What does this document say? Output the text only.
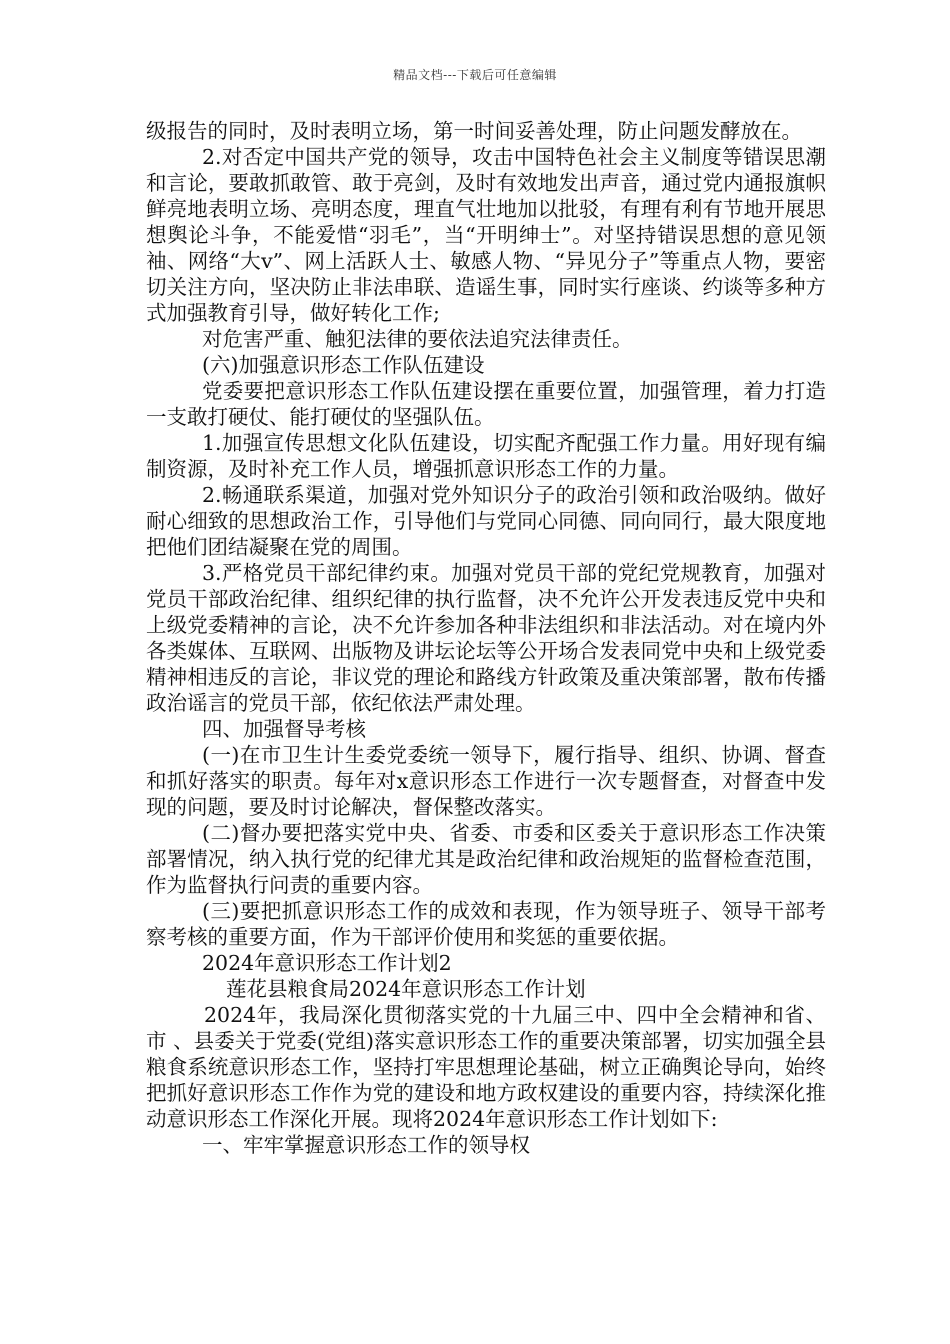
精品文档---下载后可任意编辑

级报告的同时，及时表明立场，第一时间妥善处理，防止问题发酵放在。

2.对否定中国共产党的领导，攻击中国特色社会主义制度等错误思潮和言论，要敢抓敢管、敢于亮剑，及时有效地发出声音，通过党内通报旗帜鲜亮地表明立场、亮明态度，理直气壮地加以批驳，有理有利有节地开展思想舆论斗争，不能爱惜“羽毛”，当“开明绅士”。对坚持错误思想的意见领袖、网络“大v”、网上活跃人士、敏感人物、“异见分子”等重点人物，要密切关注方向，坚决防止非法串联、造谣生事，同时实行座谈、约谈等多种方式加强教育引导，做好转化工作;

对危害严重、触犯法律的要依法追究法律责任。

(六)加强意识形态工作队伍建设

党委要把意识形态工作队伍建设摆在重要位置，加强管理，着力打造一支敢打硬仗、能打硬仗的坚强队伍。

1.加强宣传思想文化队伍建设，切实配齐配强工作力量。用好现有编制资源，及时补充工作人员，增强抓意识形态工作的力量。

2.畅通联系渠道，加强对党外知识分子的政治引领和政治吸纳。做好耐心细致的思想政治工作，引导他们与党同心同德、同向同行，最大限度地把他们团结凝聚在党的周围。

3.严格党员干部纪律约束。加强对党员干部的党纪党规教育，加强对党员干部政治纪律、组织纪律的执行监督，决不允许公开发表违反党中央和上级党委精神的言论，决不允许参加各种非法组织和非法活动。对在境内外各类媒体、互联网、出版物及讲坛论坛等公开场合发表同党中央和上级党委精神相违反的言论，非议党的理论和路线方针政策及重决策部署，散布传播政治谣言的党员干部，依纪依法严肃处理。

四、加强督导考核

(一)在市卫生计生委党委统一领导下，履行指导、组织、协调、督查和抓好落实的职责。每年对x意识形态工作进行一次专题督查，对督查中发现的问题，要及时讨论解决，督保整改落实。

(二)督办要把落实党中央、省委、市委和区委关于意识形态工作决策部署情况，纳入执行党的纪律尤其是政治纪律和政治规矩的监督检查范围，作为监督执行问责的重要内容。

(三)要把抓意识形态工作的成效和表现，作为领导班子、领导干部考察考核的重要方面，作为干部评价使用和奖惩的重要依据。

2024年意识形态工作计划2

莲花县粮食局2024年意识形态工作计划

2024年，我局深化贯彻落实党的十九届三中、四中全会精神和省、市 、县委关于党委(党组)落实意识形态工作的重要决策部署，切实加强全县粮食系统意识形态工作，坚持打牢思想理论基础，树立正确舆论导向，始终把抓好意识形态工作作为党的建设和地方政权建设的重要内容，持续深化推动意识形态工作深化开展。现将2024年意识形态工作计划如下:

一、牢牢掌握意识形态工作的领导权
